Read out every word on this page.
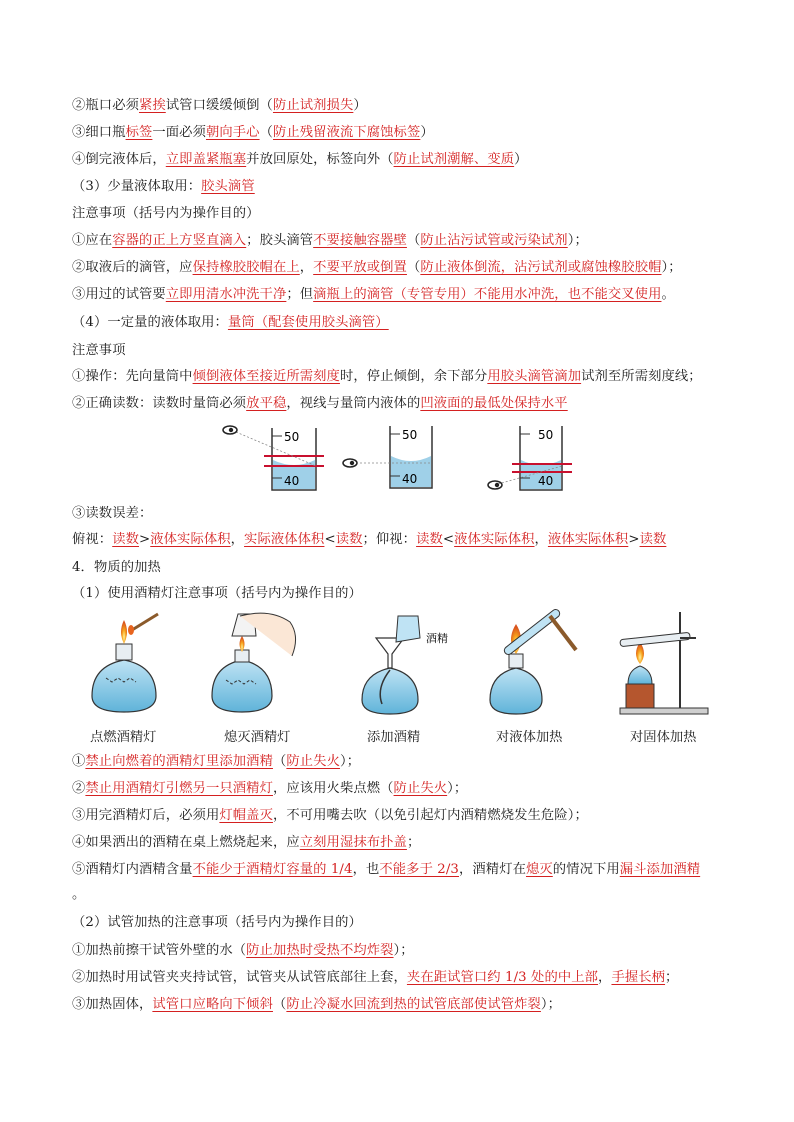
②瓶口必须紧挨试管口缓缓倾倒（防止试剂损失）
③细口瓶标签一面必须朝向手心（防止残留液流下腐蚀标签）
④倒完液体后，立即盖紧瓶塞并放回原处，标签向外（防止试剂潮解、变质）
（3）少量液体取用：胶头滴管
注意事项（括号内为操作目的）
①应在容器的正上方竖直滴入；胶头滴管不要接触容器壁（防止沾污试管或污染试剂）；
②取液后的滴管，应保持橡胶胶帽在上，不要平放或倒置（防止液体倒流，沾污试剂或腐蚀橡胶胶帽）；
③用过的试管要立即用清水冲洗干净；但滴瓶上的滴管（专管专用）不能用水冲洗，也不能交叉使用。
（4）一定量的液体取用：量筒（配套使用胶头滴管）
注意事项
①操作：先向量筒中倾倒液体至接近所需刻度时，停止倾倒，余下部分用胶头滴管滴加试剂至所需刻度线；
②正确读数：读数时量筒必须放平稳，视线与量筒内液体的凹液面的最低处保持水平
50
40
50
40
50
40
③读数误差：
俯视：读数>液体实际体积，实际液体体积<读数；仰视：读数<液体实际体积，液体实际体积>读数
4．物质的加热
（1）使用酒精灯注意事项（括号内为操作目的）
酒精
点燃酒精灯	熄灭酒精灯	添加酒精	对液体加热	对固体加热
①禁止向燃着的酒精灯里添加酒精（防止失火）；
②禁止用酒精灯引燃另一只酒精灯，应该用火柴点燃（防止失火）；
③用完酒精灯后，必须用灯帽盖灭，不可用嘴去吹（以免引起灯内酒精燃烧发生危险）；
④如果洒出的酒精在桌上燃烧起来，应立刻用湿抹布扑盖；
⑤酒精灯内酒精含量不能少于酒精灯容量的 1/4，也不能多于 2/3，酒精灯在熄灭的情况下用漏斗添加酒精
。
（2）试管加热的注意事项（括号内为操作目的）
①加热前擦干试管外壁的水（防止加热时受热不均炸裂）；
②加热时用试管夹夹持试管，试管夹从试管底部往上套，夹在距试管口约 1/3 处的中上部，手握长柄；
③加热固体，试管口应略向下倾斜（防止冷凝水回流到热的试管底部使试管炸裂）；
